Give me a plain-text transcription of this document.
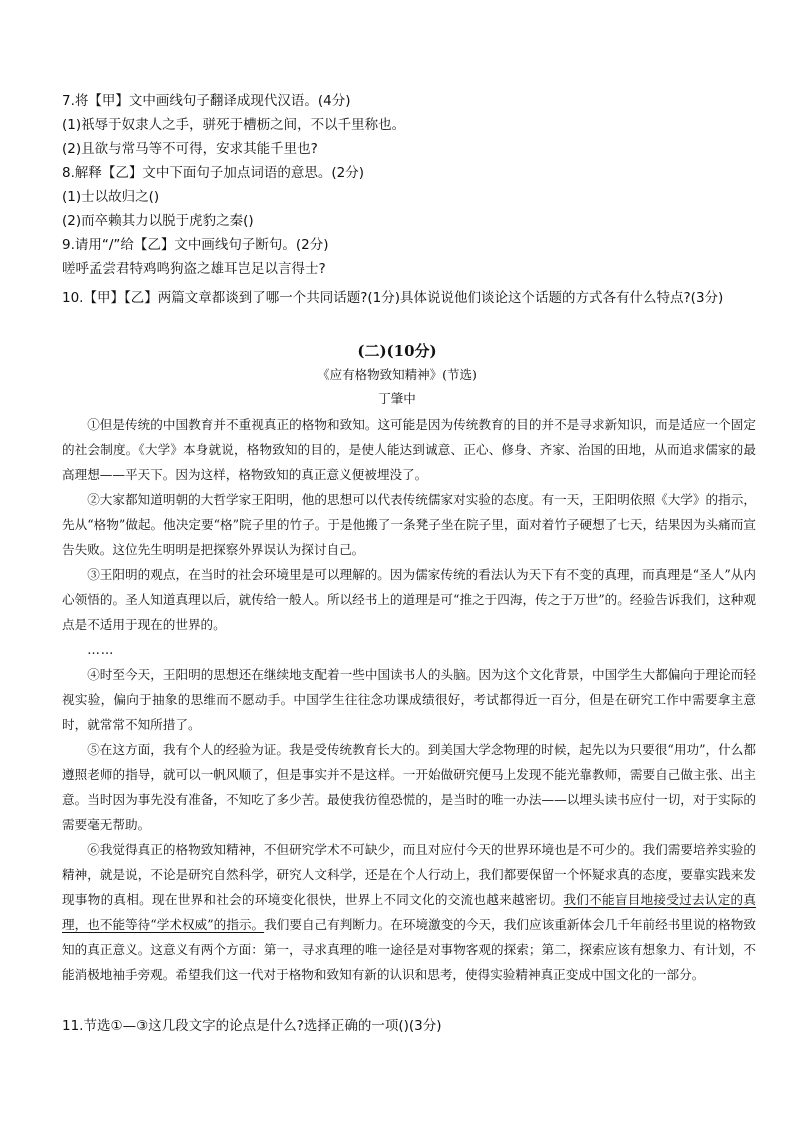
7.将【甲】文中画线句子翻译成现代汉语。(4分)
(1)祇辱于奴隶人之手，骈死于槽枥之间，不以千里称也。
(2)且欲与常马等不可得，安求其能千里也?
8.解释【乙】文中下面句子加点词语的意思。(2分)
(1)士以故归之()
(2)而卒赖其力以脱于虎豹之秦()
9.请用“/”给【乙】文中画线句子断句。(2分)
嗟呼孟尝君特鸡鸣狗盗之雄耳岂足以言得士?
10.【甲】【乙】两篇文章都谈到了哪一个共同话题?(1分)具体说说他们谈论这个话题的方式各有什么特点?(3分)
(二)(10分)
《应有格物致知精神》(节选)
丁肇中

①但是传统的中国教育并不重视真正的格物和致知。这可能是因为传统教育的目的并不是寻求新知识，而是适应一个固定的社会制度。《大学》本身就说，格物致知的目的，是使人能达到诚意、正心、修身、齐家、治国的田地，从而追求儒家的最高理想——平天下。因为这样，格物致知的真正意义便被埋没了。

②大家都知道明朝的大哲学家王阳明，他的思想可以代表传统儒家对实验的态度。有一天，王阳明依照《大学》的指示，先从“格物”做起。他决定要“格”院子里的竹子。于是他搬了一条凳子坐在院子里，面对着竹子硬想了七天，结果因为头痛而宣告失败。这位先生明明是把探察外界误认为探讨自己。

③王阳明的观点，在当时的社会环境里是可以理解的。因为儒家传统的看法认为天下有不变的真理，而真理是“圣人”从内心领悟的。圣人知道真理以后，就传给一般人。所以经书上的道理是可“推之于四海，传之于万世”的。经验告诉我们，这种观点是不适用于现在的世界的。

……

④时至今天，王阳明的思想还在继续地支配着一些中国读书人的头脑。因为这个文化背景，中国学生大都偏向于理论而轻视实验，偏向于抽象的思维而不愿动手。中国学生往往念功课成绩很好，考试都得近一百分，但是在研究工作中需要拿主意时，就常常不知所措了。

⑤在这方面，我有个人的经验为证。我是受传统教育长大的。到美国大学念物理的时候，起先以为只要很“用功”，什么都遵照老师的指导，就可以一帆风顺了，但是事实并不是这样。一开始做研究便马上发现不能光靠教师，需要自己做主张、出主意。当时因为事先没有准备，不知吃了多少苦。最使我彷徨恐慌的，是当时的唯一办法——以埋头读书应付一切，对于实际的需要毫无帮助。

⑥我觉得真正的格物致知精神，不但研究学术不可缺少，而且对应付今天的世界环境也是不可少的。我们需要培养实验的精神，就是说，不论是研究自然科学，研究人文科学，还是在个人行动上，我们都要保留一个怀疑求真的态度，要靠实践来发现事物的真相。现在世界和社会的环境变化很快，世界上不同文化的交流也越来越密切。我们不能盲目地接受过去认定的真理，也不能等待“学术权威”的指示。我们要自己有判断力。在环境激变的今天，我们应该重新体会几千年前经书里说的格物致知的真正意义。这意义有两个方面：第一，寻求真理的唯一途径是对事物客观的探索；第二，探索应该有想象力、有计划，不能消极地袖手旁观。希望我们这一代对于格物和致知有新的认识和思考，使得实验精神真正变成中国文化的一部分。

11.节选①—③这几段文字的论点是什么?选择正确的一项()(3分)
